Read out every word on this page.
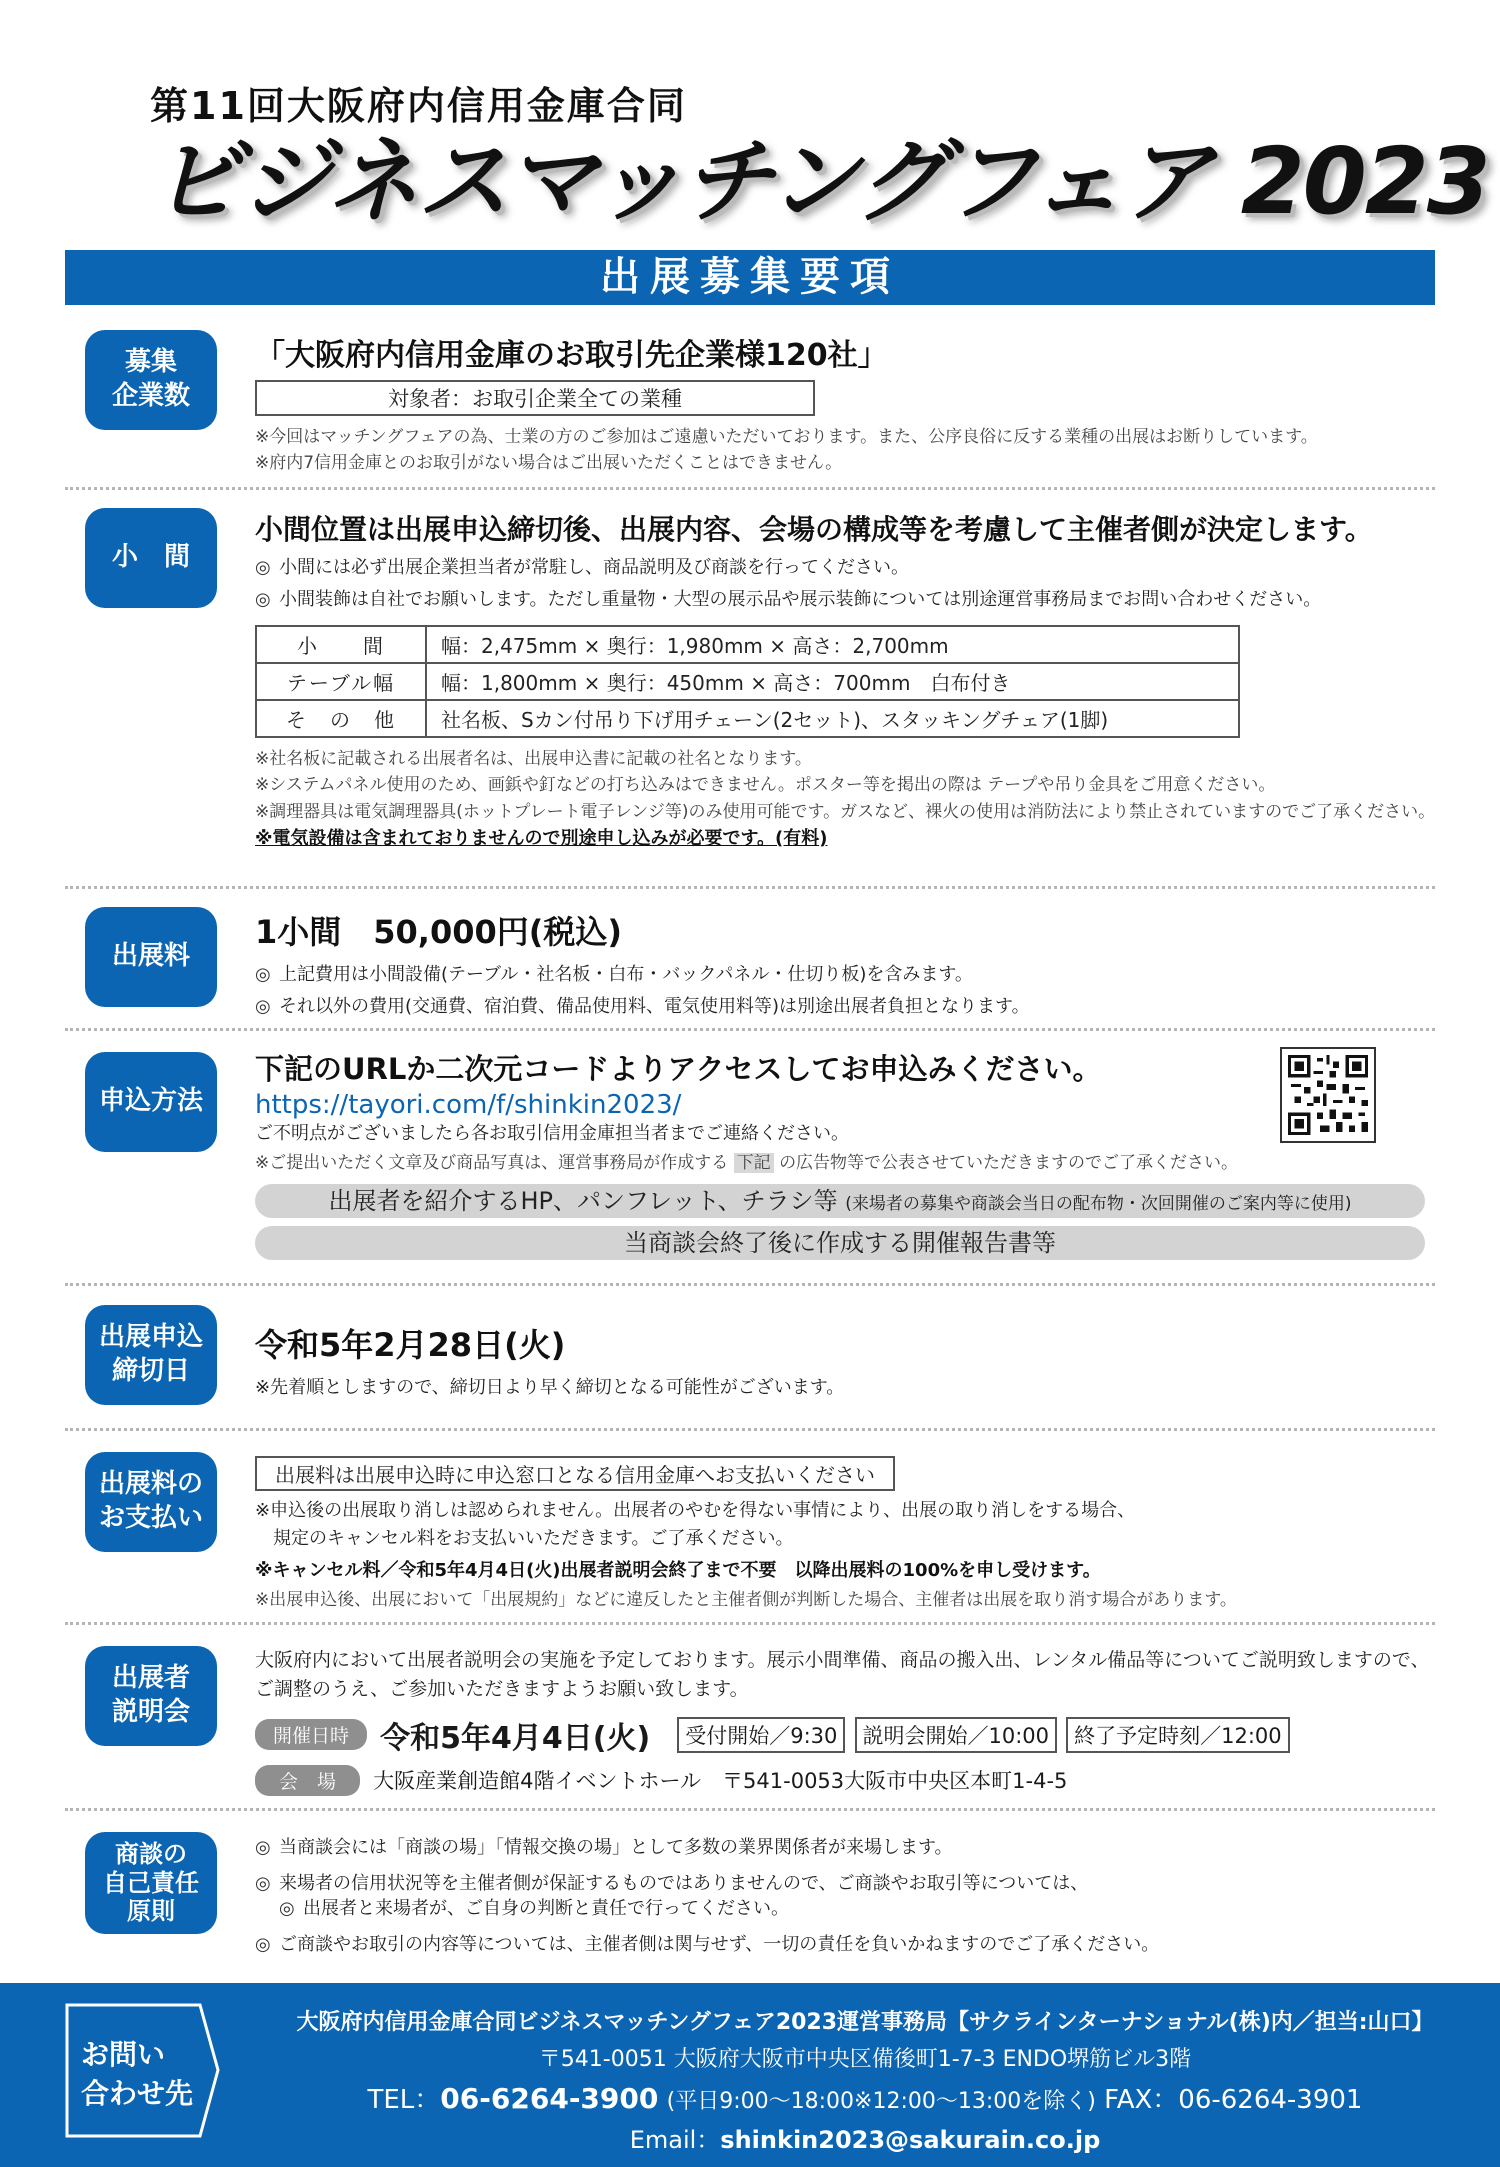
第11回大阪府内信用金庫合同
ビジネスマッチングフェア 2023
出展募集要項
募集
企業数
「大阪府内信用金庫のお取引先企業様120社」
対象者：お取引企業全ての業種
※今回はマッチングフェアの為、士業の方のご参加はご遠慮いただいております。また、公序良俗に反する業種の出展はお断りしています。
※府内7信用金庫とのお取引がない場合はご出展いただくことはできません。
小　間
小間位置は出展申込締切後、出展内容、会場の構成等を考慮して主催者側が決定します。
◎ 小間には必ず出展企業担当者が常駐し、商品説明及び商談を行ってください。
◎ 小間装飾は自社でお願いします。ただし重量物・大型の展示品や展示装飾については別途運営事務局までお問い合わせください。
小　　間	幅：2,475mm × 奥行：1,980mm × 高さ：2,700mm
テーブル幅	幅：1,800mm × 奥行：450mm × 高さ：700mm　白布付き
そ　の　他	社名板、Sカン付吊り下げ用チェーン(2セット)、スタッキングチェア(1脚)
※社名板に記載される出展者名は、出展申込書に記載の社名となります。
※システムパネル使用のため、画鋲や釘などの打ち込みはできません。ポスター等を掲出の際は テープや吊り金具をご用意ください。
※調理器具は電気調理器具(ホットプレート電子レンジ等)のみ使用可能です。ガスなど、裸火の使用は消防法により禁止されていますのでご了承ください。
※電気設備は含まれておりませんので別途申し込みが必要です。(有料)
出展料
1小間　50,000円(税込)
◎ 上記費用は小間設備(テーブル・社名板・白布・バックパネル・仕切り板)を含みます。
◎ それ以外の費用(交通費、宿泊費、備品使用料、電気使用料等)は別途出展者負担となります。
申込方法
下記のURLか二次元コードよりアクセスしてお申込みください。
https://tayori.com/f/shinkin2023/
ご不明点がございましたら各お取引信用金庫担当者までご連絡ください。
※ご提出いただく文章及び商品写真は、運営事務局が作成する 下記 の広告物等で公表させていただきますのでご了承ください。
出展者を紹介するHP、パンフレット、チラシ等 (来場者の募集や商談会当日の配布物・次回開催のご案内等に使用)
当商談会終了後に作成する開催報告書等
出展申込
締切日
令和5年2月28日(火)
※先着順としますので、締切日より早く締切となる可能性がございます。
出展料の
お支払い
出展料は出展申込時に申込窓口となる信用金庫へお支払いください
※申込後の出展取り消しは認められません。出展者のやむを得ない事情により、出展の取り消しをする場合、
　規定のキャンセル料をお支払いいただきます。ご了承ください。
※キャンセル料／令和5年4月4日(火)出展者説明会終了まで不要　以降出展料の100%を申し受けます。
※出展申込後、出展において「出展規約」などに違反したと主催者側が判断した場合、主催者は出展を取り消す場合があります。
出展者
説明会
大阪府内において出展者説明会の実施を予定しております。展示小間準備、商品の搬入出、レンタル備品等についてご説明致しますので、
ご調整のうえ、ご参加いただきますようお願い致します。
開催日時 令和5年4月4日(火) 受付開始／9:30 説明会開始／10:00 終了予定時刻／12:00
会　場 大阪産業創造館4階イベントホール　〒541-0053大阪市中央区本町1-4-5
商談の
自己責任
原則
◎ 当商談会には「商談の場」「情報交換の場」として多数の業界関係者が来場します。
◎ 来場者の信用状況等を主催者側が保証するものではありませんので、ご商談やお取引等については、
◎ 出展者と来場者が、ご自身の判断と責任で行ってください。
◎ ご商談やお取引の内容等については、主催者側は関与せず、一切の責任を負いかねますのでご了承ください。
お問い
合わせ先
大阪府内信用金庫合同ビジネスマッチングフェア2023運営事務局【サクラインターナショナル(株)内／担当:山口】
〒541-0051 大阪府大阪市中央区備後町1-7-3 ENDO堺筋ビル3階
TEL：06-6264-3900 (平日9:00〜18:00※12:00〜13:00を除く) FAX：06-6264-3901
Email：shinkin2023@sakurain.co.jp
